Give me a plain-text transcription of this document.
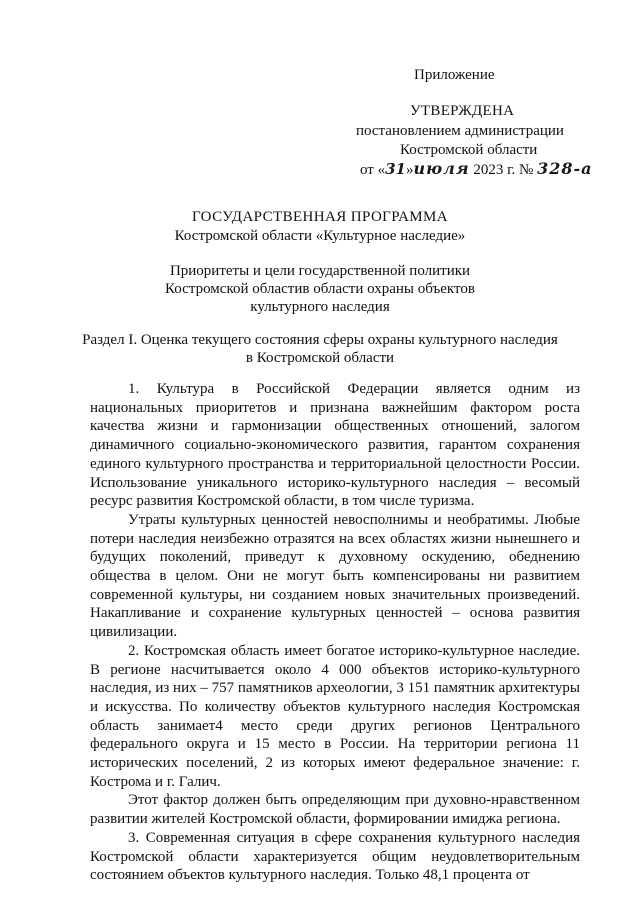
Приложение
УТВЕРЖДЕНА
постановлением администрации
Костромской области
от «31»июля 2023 г. № 328-а
ГОСУДАРСТВЕННАЯ ПРОГРАММА
Костромской области «Культурное наследие»
Приоритеты и цели государственной политики
Костромской областив области охраны объектов
культурного наследия
Раздел I. Оценка текущего состояния сферы охраны культурного наследия
в Костромской области

1. Культура в Российской Федерации является одним из национальных приоритетов и признана важнейшим фактором роста качества жизни и гармонизации общественных отношений, залогом динамичного социально-экономического развития, гарантом сохранения единого культурного пространства и территориальной целостности России. Использование уникального историко-культурного наследия – весомый ресурс развития Костромской области, в том числе туризма.

Утраты культурных ценностей невосполнимы и необратимы. Любые потери наследия неизбежно отразятся на всех областях жизни нынешнего и будущих поколений, приведут к духовному оскудению, обеднению общества в целом. Они не могут быть компенсированы ни развитием современной культуры, ни созданием новых значительных произведений. Накапливание и сохранение культурных ценностей – основа развития цивилизации.

2. Костромская область имеет богатое историко-культурное наследие. В регионе насчитывается около 4 000 объектов историко-культурного наследия, из них – 757 памятников археологии, 3 151 памятник архитектуры и искусства. По количеству объектов культурного наследия Костромская область занимает4 место среди других регионов Центрального федерального округа и 15 место в России. На территории региона 11 исторических поселений, 2 из которых имеют федеральное значение: г. Кострома и г. Галич.

Этот фактор должен быть определяющим при духовно-нравственном развитии жителей Костромской области, формировании имиджа региона.

3. Современная ситуация в сфере сохранения культурного наследия Костромской области характеризуется общим неудовлетворительным состоянием объектов культурного наследия. Только 48,1 процента от
